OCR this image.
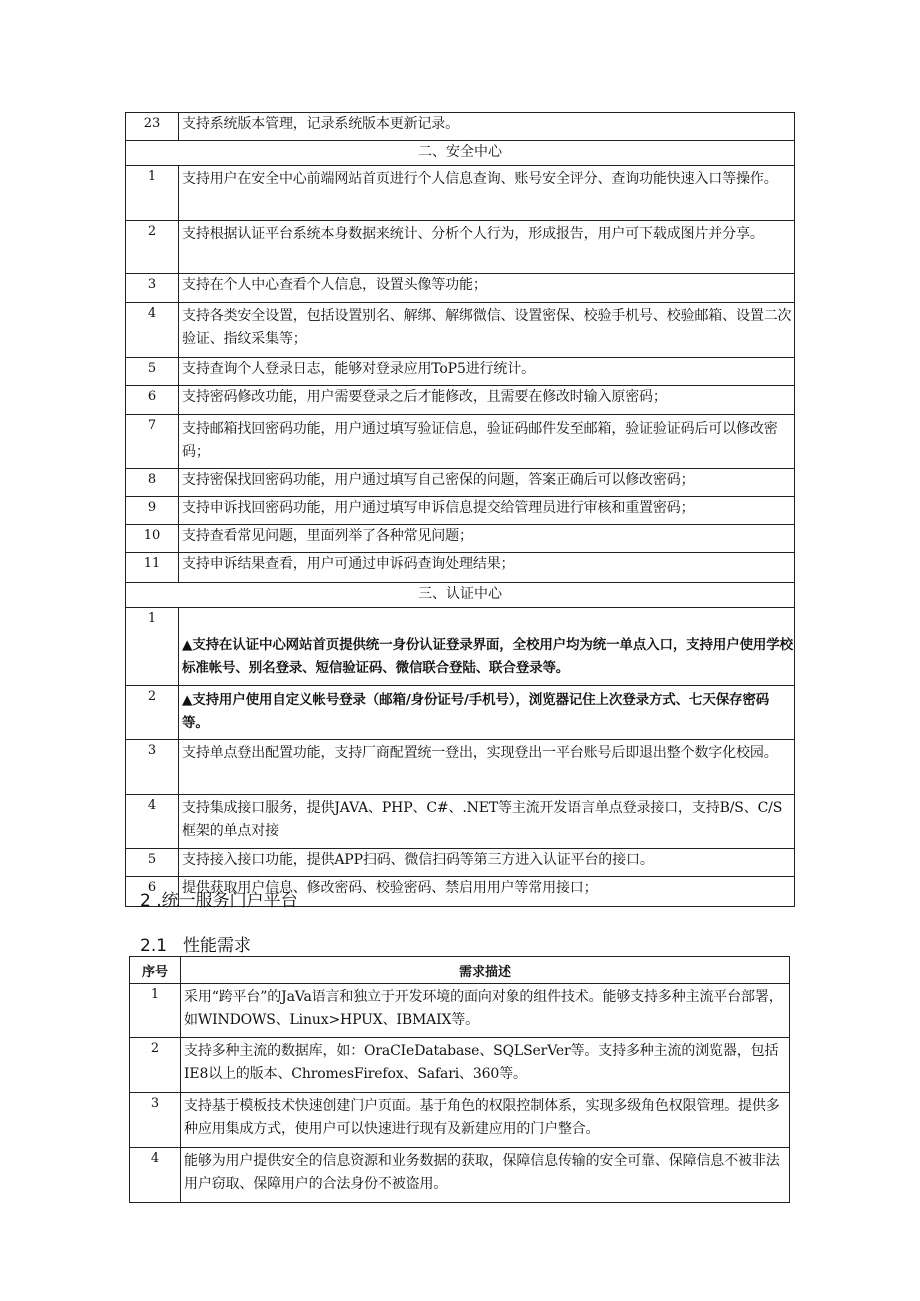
23	支持系统版本管理，记录系统版本更新记录。
二、安全中心	
1	支持用户在安全中心前端网站首页进行个人信息查询、账号安全评分、查询功能快速入口等操作。
2	支持根据认证平台系统本身数据来统计、分析个人行为，形成报告，用户可下载成图片并分享。
3	支持在个人中心查看个人信息，设置头像等功能；
4	支持各类安全设置，包括设置别名、解绑、解绑微信、设置密保、校验手机号、校验邮箱、设置二次验证、指纹采集等；
5	支持查询个人登录日志，能够对登录应用ToP5进行统计。
6	支持密码修改功能，用户需要登录之后才能修改，且需要在修改时输入原密码；
7	支持邮箱找回密码功能，用户通过填写验证信息，验证码邮件发至邮箱，验证验证码后可以修改密码；
8	支持密保找回密码功能，用户通过填写自己密保的问题，答案正确后可以修改密码；
9	支持申诉找回密码功能，用户通过填写申诉信息提交给管理员进行审核和重置密码；
10	支持查看常见问题，里面列举了各种常见问题；
11	支持申诉结果查看，用户可通过申诉码查询处理结果；
三、认证中心	
1	▲支持在认证中心网站首页提供统一身份认证登录界面，全校用户均为统一单点入口，支持用户使用学校标准帐号、别名登录、短信验证码、微信联合登陆、联合登录等。
2	▲支持用户使用自定义帐号登录（邮箱/身份证号/手机号），浏览器记住上次登录方式、七天保存密码等。
3	支持单点登出配置功能，支持厂商配置统一登出，实现登出一平台账号后即退出整个数字化校园。
4	支持集成接口服务，提供JAVA、PHP、C#、.NET等主流开发语言单点登录接口，支持B/S、C/S框架的单点对接
5	支持接入接口功能，提供APP扫码、微信扫码等第三方进入认证平台的接口。
6	提供获取用户信息、修改密码、校验密码、禁启用用户等常用接口；
2 .统一服务门户平台
2.1 性能需求
序号	需求描述
1	采用“跨平台”的JaVa语言和独立于开发环境的面向对象的组件技术。能够支持多种主流平台部署，如WINDOWS、Linux>HPUX、IBMAIX等。
2	支持多种主流的数据库，如：OraCIeDatabase、SQLSerVer等。支持多种主流的浏览器，包括IE8以上的版本、ChromesFirefox、Safari、360等。
3	支持基于模板技术快速创建门户页面。基于角色的权限控制体系，实现多级角色权限管理。提供多种应用集成方式，使用户可以快速进行现有及新建应用的门户整合。
4	能够为用户提供安全的信息资源和业务数据的获取，保障信息传输的安全可靠、保障信息不被非法用户窃取、保障用户的合法身份不被盗用。
